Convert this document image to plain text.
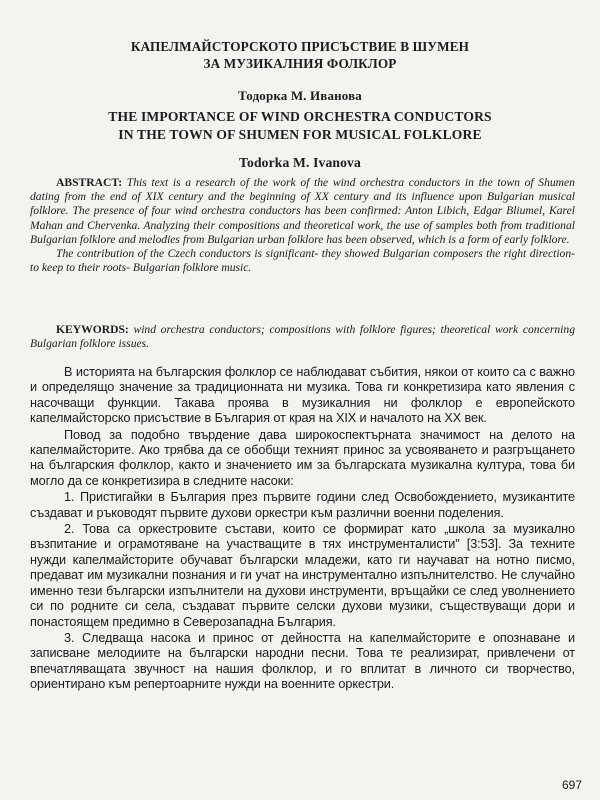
КАПЕЛМАЙСТОРСКОТО ПРИСЪСТВИЕ В ШУМЕН
ЗА МУЗИКАЛНИЯ ФОЛКЛОР
Тодорка М. Иванова
THE IMPORTANCE OF WIND ORCHESTRA CONDUCTORS
IN THE TOWN OF SHUMEN FOR MUSICAL FOLKLORE
Todorka M. Ivanova

ABSTRACT: This text is a research of the work of the wind orchestra conductors in the town of Shumen dating from the end of XIX century and the beginning of XX century and its influence upon Bulgarian musical folklore. The presence of four wind orchestra conductors has been confirmed: Anton Libich, Edgar Bliumel, Karel Mahan and Chervenka. Analyzing their compositions and theoretical work, the use of samples both from traditional Bulgarian folklore and melodies from Bulgarian urban folklore has been observed, which is a form of early folklore.

The contribution of the Czech conductors is significant- they showed Bulgarian composers the right direction- to keep to their roots- Bulgarian folklore music.

KEYWORDS: wind orchestra conductors; compositions with folklore figures; theoretical work concerning Bulgarian folklore issues.

В историята на българския фолклор се наблюдават събития, някои от които са с важно и определящо значение за традиционната ни музика. Това ги конкретизира като явления с насочващи функции. Такава проява в музикалния ни фолклор е европейското капелмайсторско присъствие в България от края на XIX и началото на XX век.

Повод за подобно твърдение дава широкоспектърната значимост на делото на капелмайсторите. Ако трябва да се обобщи техният принос за усвояването и разгръщането на българския фолклор, както и значението им за българската музикална култура, това би могло да се конкретизира в следните насоки:

1. Пристигайки в България през първите години след Освобождението, музикантите създават и ръководят първите духови оркестри към различни военни поделения.

2. Това са оркестровите състави, които се формират като „школа за музикално възпитание и ограмотяване на участващите в тях инструменталисти" [3:53]. За техните нужди капелмайсторите обучават български младежи, като ги научават на нотно писмо, предават им музикални познания и ги учат на инструментално изпълнителство. Не случайно именно тези български изпълнители на духови инструменти, връщайки се след уволнението си по родните си села, създават първите селски духови музики, съществуващи дори и понастоящем предимно в Северозападна България.

3. Следваща насока и принос от дейността на капелмайсторите е опознаване и записване мелодиите на български народни песни. Това те реализират, привлечени от впечатляващата звучност на нашия фолклор, и го вплитат в личното си творчество, ориентирано към репертоарните нужди на военните оркестри.

697
